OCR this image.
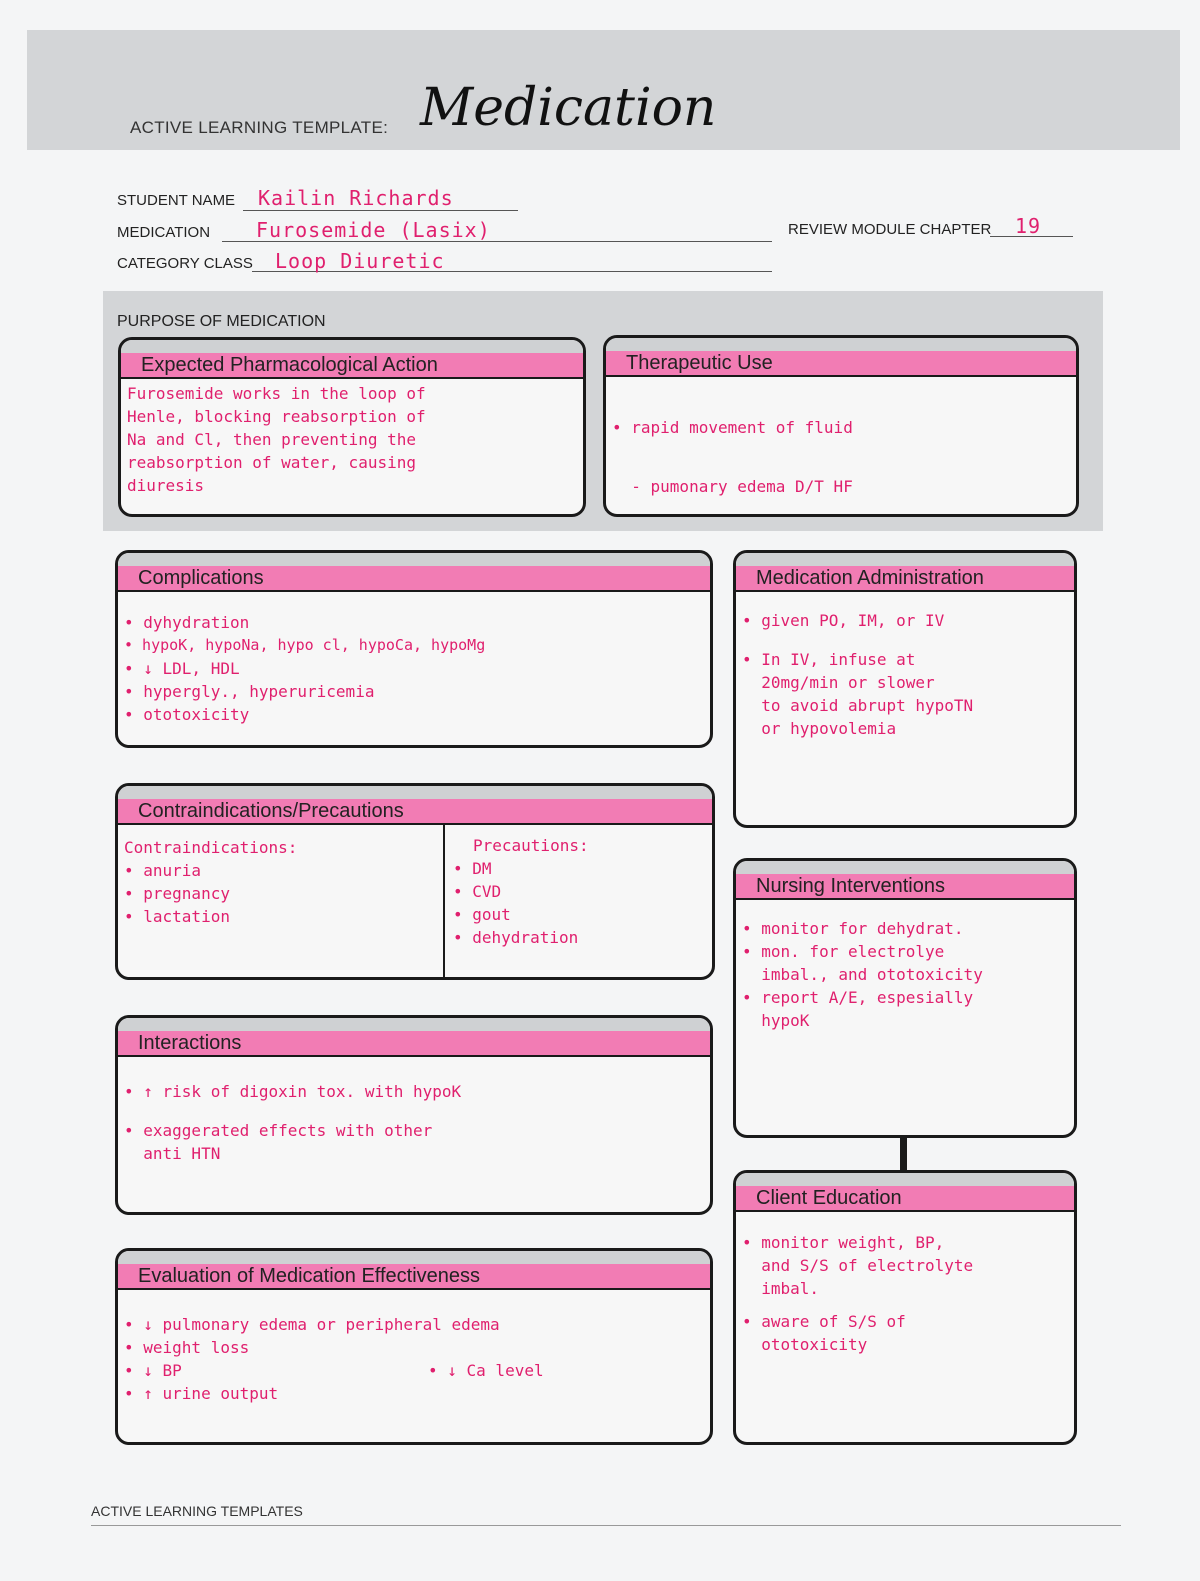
ACTIVE LEARNING TEMPLATE: Medication
STUDENT NAME Kailin Richards
MEDICATION Furosemide (Lasix)	REVIEW MODULE CHAPTER 19
CATEGORY CLASS Loop Diuretic
PURPOSE OF MEDICATION
Expected Pharmacological Action
Furosemide works in the loop of
Henle, blocking reabsorption of
Na and Cl, then preventing the
reabsorption of water, causing
diuresis
Therapeutic Use

• rapid movement of fluid

- pumonary edema D/T HF

Complications
• dyhydration
• hypoK, hypoNa, hypo cl, hypoCa, hypoMg
• ↓ LDL, HDL
• hypergly., hyperuricemia
• ototoxicity
Medication Administration
• given PO, IM, or IV
• In IV, infuse at
20mg/min or slower
to avoid abrupt hypoTN
or hypovolemia
Contraindications/Precautions
Contraindications:
• anuria
• pregnancy
• lactation
Precautions:
• DM
• CVD
• gout
• dehydration
Nursing Interventions
• monitor for dehydrat.
• mon. for electrolye
imbal., and ototoxicity
• report A/E, espesially
hypoK
Interactions
• ↑ risk of digoxin tox. with hypoK
• exaggerated effects with other
anti HTN
Client Education
• monitor weight, BP,
and S/S of electrolyte
imbal.
• aware of S/S of
ototoxicity
Evaluation of Medication Effectiveness
• ↓ pulmonary edema or peripheral edema
• weight loss
• ↓ BP
• ↑ urine output
• ↓ Ca level
ACTIVE LEARNING TEMPLATES
